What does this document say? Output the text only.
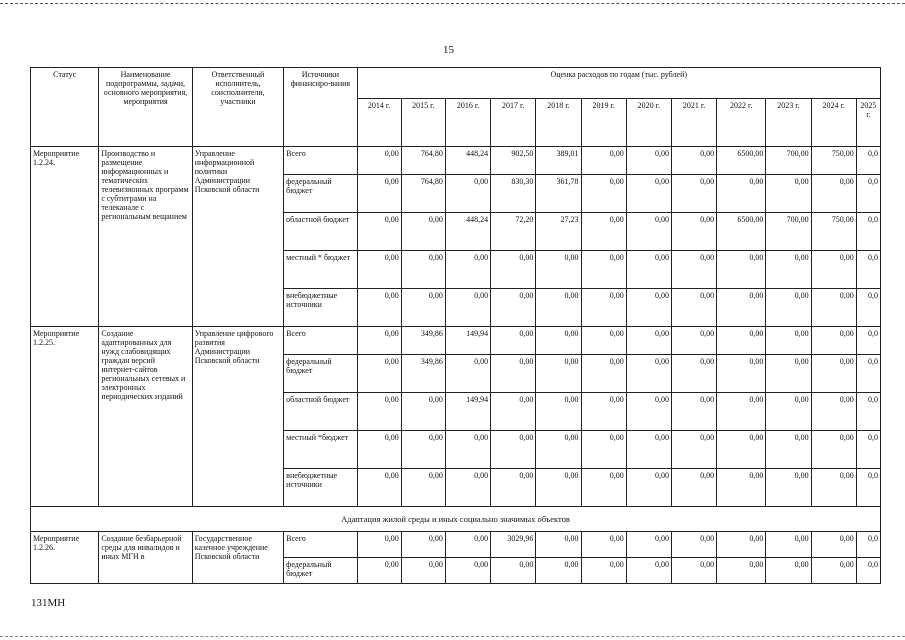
15
Статус	Наименование подпрограммы, задачи, основного мероприятия, мероприятия	Ответственный исполнитель, соисполнители, участники	Источники финансиро-вания	Оценка расходов по годам (тыс. рублей)											
				2014 г.	2015 г.	2016 г.	2017 г.	2018 г.	2019 г.	2020 г.	2021 г.	2022 г.	2023 г.	2024 г.	2025 г.
Мероприятие 1.2.24.	Производство и размещение информационных и тематических телевизионных программ с субтитрами на телеканале с региональным вещанием	Управление информационной политики Администрации Псковской области	Всего	0,00	764,80	448,24	902,50	389,01	0,00	0,00	0,00	6500,00	700,00	750,00	0,0
			федеральный бюджет	0,00	764,80	0,00	830,30	361,78	0,00	0,00	0,00	0,00	0,00	0,00	0,0
			областной бюджет	0,00	0,00	448,24	72,20	27,23	0,00	0,00	0,00	6500,00	700,00	750,00	0,0
			местный * бюджет	0,00	0,00	0,00	0,00	0,00	0,00	0,00	0,00	0,00	0,00	0,00	0,0
			внебюджетные источники	0,00	0,00	0,00	0,00	0,00	0,00	0,00	0,00	0,00	0,00	0,00	0,0
Мероприятие 1.2.25.	Создание адаптированных для нужд слабовидящих граждан версий интернет-сайтов региональных сетевых и электронных периодических изданий	Управление цифрового развития Администрации Псковской области	Всего	0,00	349,86	149,94	0,00	0,00	0,00	0,00	0,00	0,00	0,00	0,00	0,0
			федеральный бюджет	0,00	349,86	0,00	0,00	0,00	0,00	0,00	0,00	0,00	0,00	0,00	0,0
			областной бюджет	0,00	0,00	149,94	0,00	0,00	0,00	0,00	0,00	0,00	0,00	0,00	0,0
			местный *бюджет	0,00	0,00	0,00	0,00	0,00	0,00	0,00	0,00	0,00	0,00	0,00	0,0
			внебюджетные источники	0,00	0,00	0,00	0,00	0,00	0,00	0,00	0,00	0,00	0,00	0,00	0,0
Адаптация жилой среды и иных социально значимых объектов															
Мероприятие 1.2.26.	Создание безбарьерной среды для инвалидов и иных МГН в	Государственное казенное учреждение Псковской области	Всего	0,00	0,00	0,00	3029,96	0,00	0,00	0,00	0,00	0,00	0,00	0,00	0,0
			федеральный бюджет	0,00	0,00	0,00	0,00	0,00	0,00	0,00	0,00	0,00	0,00	0,00	0,0
131МН
